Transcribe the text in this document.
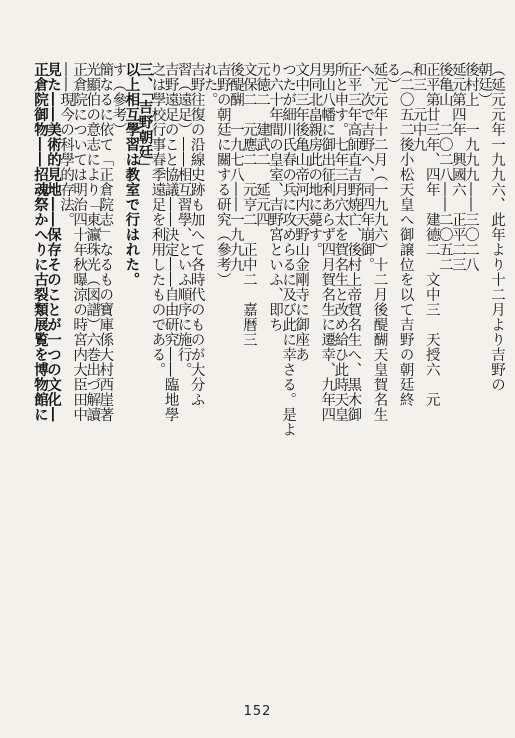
（延元元年一九九六、此年より十二月より吉野の
朝廷）
後村上　一九九九――三〇二八
延元第四年　興國六　正平二三
後亀山　二〇二八――二〇五二
正平第廿三年、四年　建德二　文中三　天授六　元
和三　元中九
（二〇五二後小松天皇へ御譲位を以て吉野の朝廷終
る）
延元元年十二月（一九九六）十二月後醍醐天皇賀名生
へ、次で吉野へ、同四年崩御。
正平三年高師直吉野焼亡、後村上帝賀名生へ、黒木御
所と申す。七年三月穴太を賀名生と改め給ひ此時天皇
男山八幡に御出征利あらず四月賀名生に遷幸、九年四
月同北畠親房此の地に薨す。
文中三年後亀山帝河内天野山金剛寺に御座あ
つたが細川氏春の兵に攻めらるに及び此に幸さる。是よ
り六十年間の皇室、吉野宮といふ、即ち
元徳二　建武二　延元四
文保二　元應二　元亨二　正中二　嘉暦三
後醍醐　一九七八――一九九九
吉野の朝廷に關する研究（參考）
れた。
吉野往復の沿線史跡も加へて各時代のものが大分ふ
習（遠足）――相互習學、といふ順序に施行。
吉野遠足のこと協議――決定――自由研究――臨地學
之は學校行事春季遠足を利用したものである。
三、「吉野朝廷」
以上相互學習は教室で行はれた。
す（參考）
簡なるに依て「正倉院志」なるもの寶庫係大村西崖著
光顯伯の意志により「東瀛珠光（図譜）六巻出づ解讀
正倉院については明治四十年秋曝涼の時宮内大臣田中
――現今の科學的存法。
見た――美術的見地――保存そのことが一つの文化―
正倉院御物――招魂祭かへりに古裂類展覧を博物館に
152
